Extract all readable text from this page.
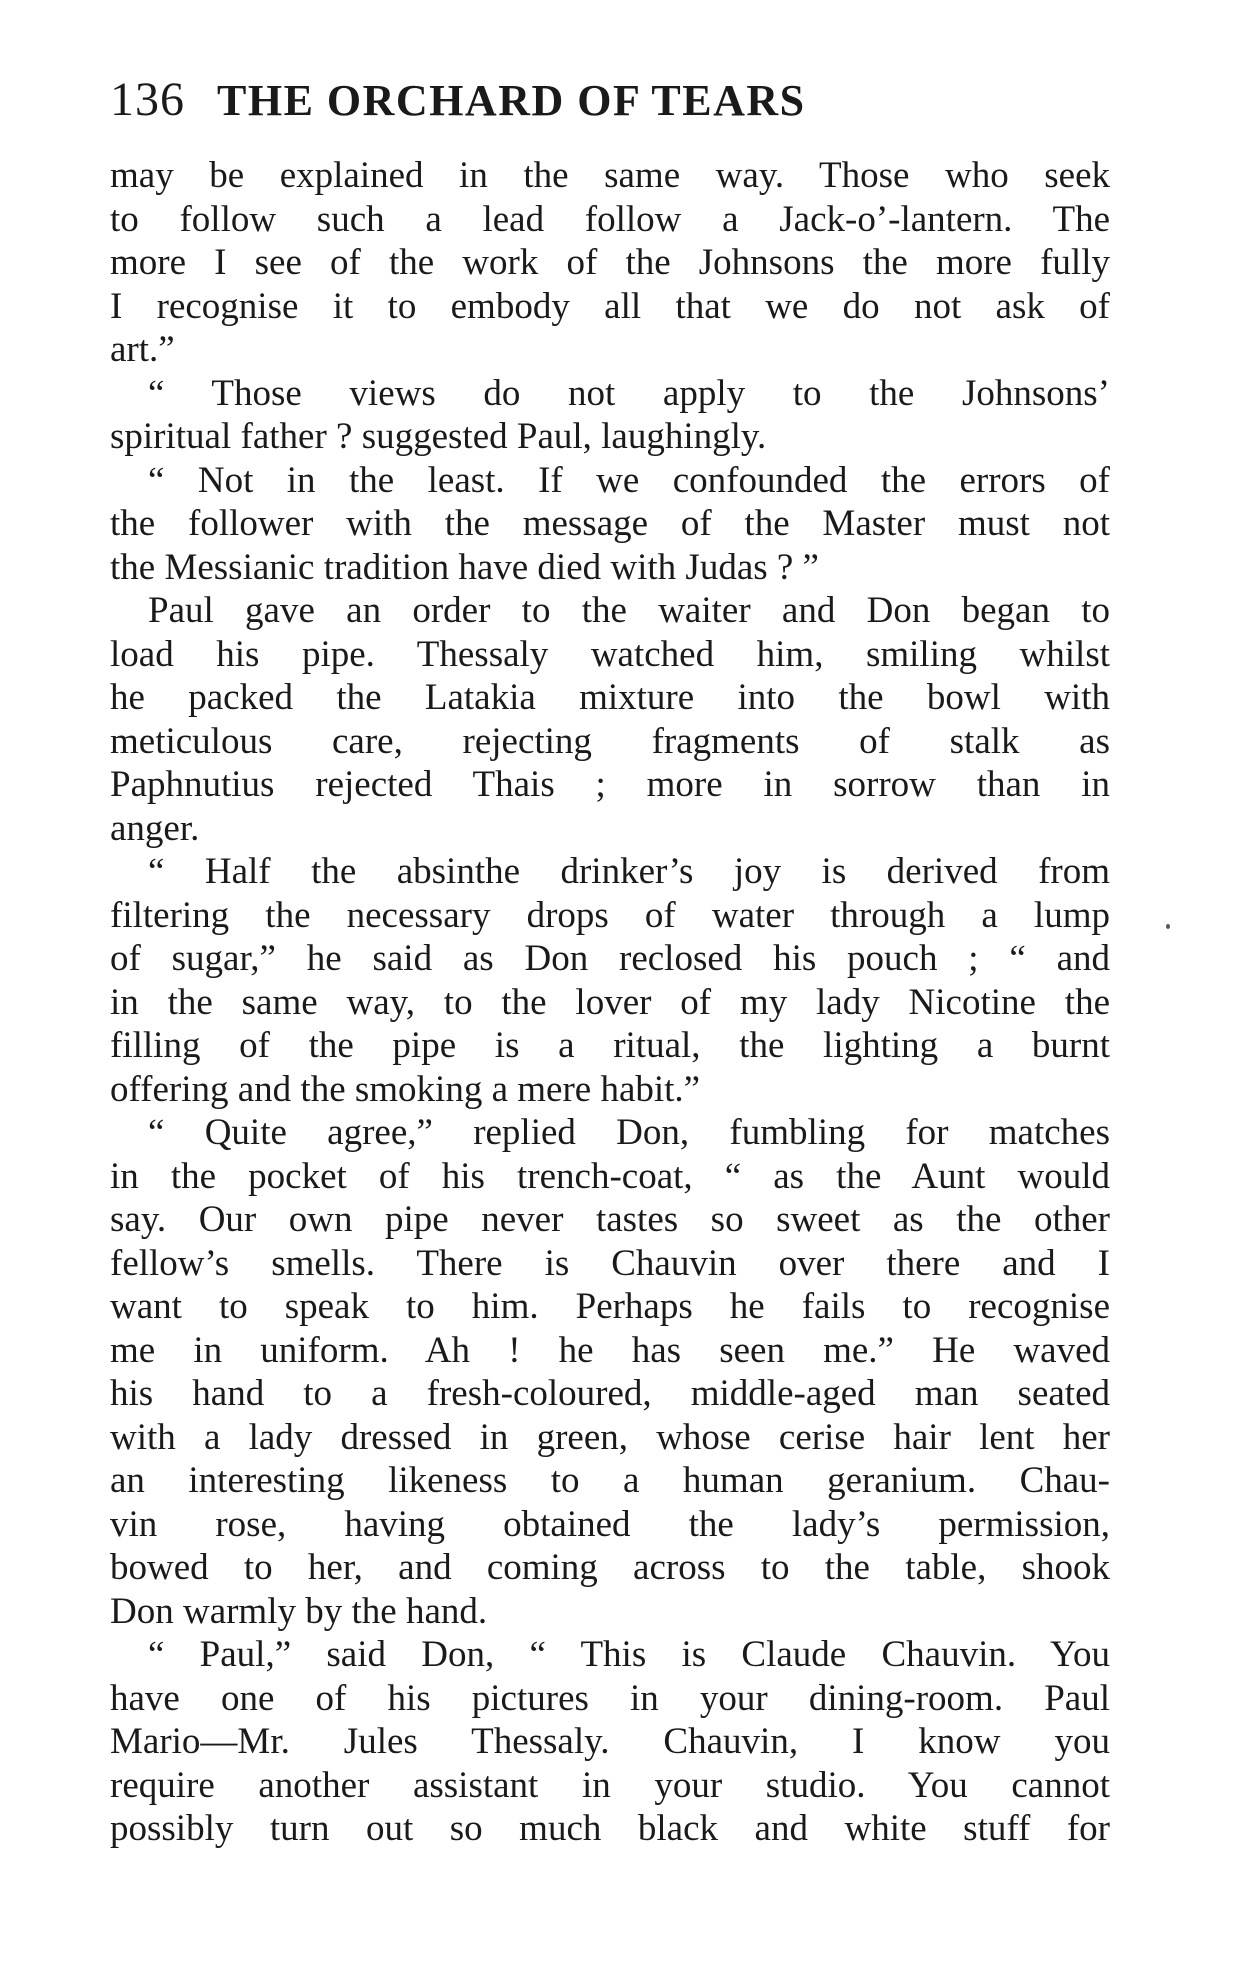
136 THE ORCHARD OF TEARS
may be explained in the same way. Those who seek
to follow such a lead follow a Jack-o’-lantern. The
more I see of the work of the Johnsons the more fully
I recognise it to embody all that we do not ask of
art.”
“ Those views do not apply to the Johnsons’
spiritual father ? suggested Paul, laughingly.
“ Not in the least. If we confounded the errors of
the follower with the message of the Master must not
the Messianic tradition have died with Judas ? ”
Paul gave an order to the waiter and Don began to
load his pipe. Thessaly watched him, smiling whilst
he packed the Latakia mixture into the bowl with
meticulous care, rejecting fragments of stalk as
Paphnutius rejected Thais ; more in sorrow than in
anger.
“ Half the absinthe drinker’s joy is derived from
filtering the necessary drops of water through a lump
of sugar,” he said as Don reclosed his pouch ; “ and
in the same way, to the lover of my lady Nicotine the
filling of the pipe is a ritual, the lighting a burnt
offering and the smoking a mere habit.”
“ Quite agree,” replied Don, fumbling for matches
in the pocket of his trench-coat, “ as the Aunt would
say. Our own pipe never tastes so sweet as the other
fellow’s smells. There is Chauvin over there and I
want to speak to him. Perhaps he fails to recognise
me in uniform. Ah ! he has seen me.” He waved
his hand to a fresh-coloured, middle-aged man seated
with a lady dressed in green, whose cerise hair lent her
an interesting likeness to a human geranium. Chau-
vin rose, having obtained the lady’s permission,
bowed to her, and coming across to the table, shook
Don warmly by the hand.
“ Paul,” said Don, “ This is Claude Chauvin. You
have one of his pictures in your dining-room. Paul
Mario—Mr. Jules Thessaly. Chauvin, I know you
require another assistant in your studio. You cannot
possibly turn out so much black and white stuff for
